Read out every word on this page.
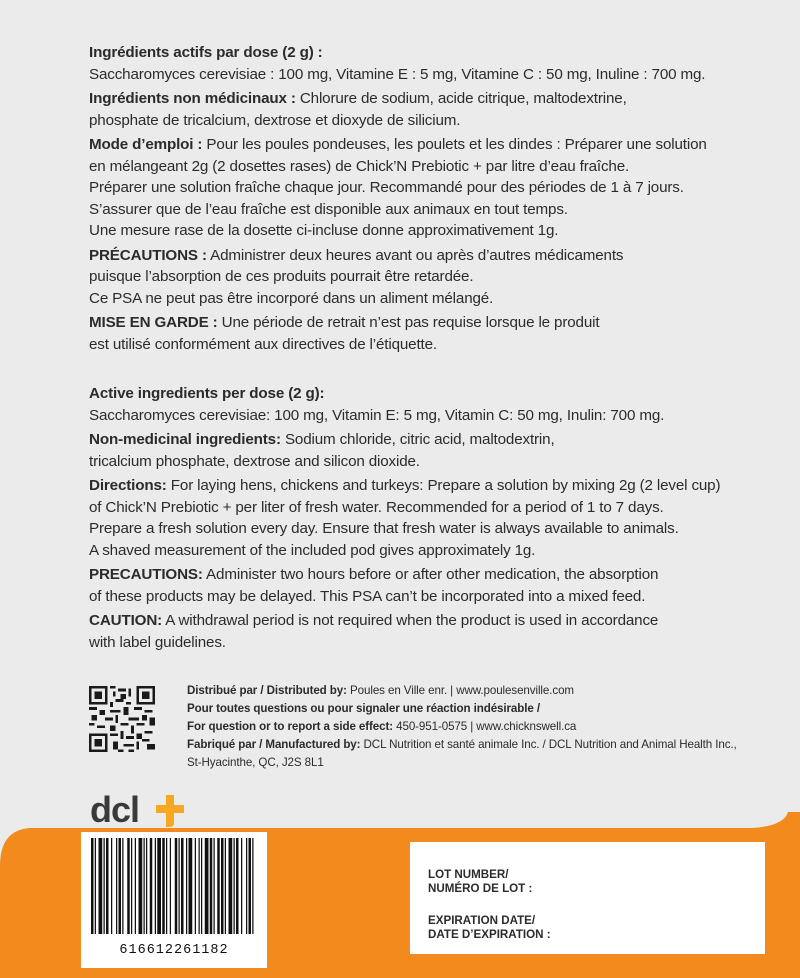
Ingrédients actifs par dose (2 g) :
Saccharomyces cerevisiae : 100 mg, Vitamine E : 5 mg, Vitamine C : 50 mg, Inuline : 700 mg.

Ingrédients non médicinaux : Chlorure de sodium, acide citrique, maltodextrine,
phosphate de tricalcium, dextrose et dioxyde de silicium.

Mode d’emploi : Pour les poules pondeuses, les poulets et les dindes : Préparer une solution
en mélangeant 2g (2 dosettes rases) de Chick’N Prebiotic + par litre d’eau fraîche.
Préparer une solution fraîche chaque jour. Recommandé pour des périodes de 1 à 7 jours.
S’assurer que de l’eau fraîche est disponible aux animaux en tout temps.
Une mesure rase de la dosette ci-incluse donne approximativement 1g.

PRÉCAUTIONS : Administrer deux heures avant ou après d’autres médicaments
puisque l’absorption de ces produits pourrait être retardée.
Ce PSA ne peut pas être incorporé dans un aliment mélangé.

MISE EN GARDE : Une période de retrait n’est pas requise lorsque le produit
est utilisé conformément aux directives de l’étiquette.

Active ingredients per dose (2 g):
Saccharomyces cerevisiae: 100 mg, Vitamin E: 5 mg, Vitamin C: 50 mg, Inulin: 700 mg.

Non-medicinal ingredients: Sodium chloride, citric acid, maltodextrin,
tricalcium phosphate, dextrose and silicon dioxide.

Directions: For laying hens, chickens and turkeys: Prepare a solution by mixing 2g (2 level cup)
of Chick’N Prebiotic + per liter of fresh water. Recommended for a period of 1 to 7 days.
Prepare a fresh solution every day. Ensure that fresh water is always available to animals.
A shaved measurement of the included pod gives approximately 1g.

PRECAUTIONS: Administer two hours before or after other medication, the absorption
of these products may be delayed. This PSA can’t be incorporated into a mixed feed.

CAUTION: A withdrawal period is not required when the product is used in accordance
with label guidelines.

Distribué par / Distributed by: Poules en Ville enr. | www.poulesenville.com
Pour toutes questions ou pour signaler une réaction indésirable /
For question or to report a side effect: 450-951-0575 | www.chicknswell.ca
Fabriqué par / Manufactured by: DCL Nutrition et santé animale Inc. / DCL Nutrition and Animal Health Inc.,
St-Hyacinthe, QC, J2S 8L1
dcl
616612261182
LOT NUMBER/
NUMÉRO DE LOT :
EXPIRATION DATE/
DATE D’EXPIRATION :
